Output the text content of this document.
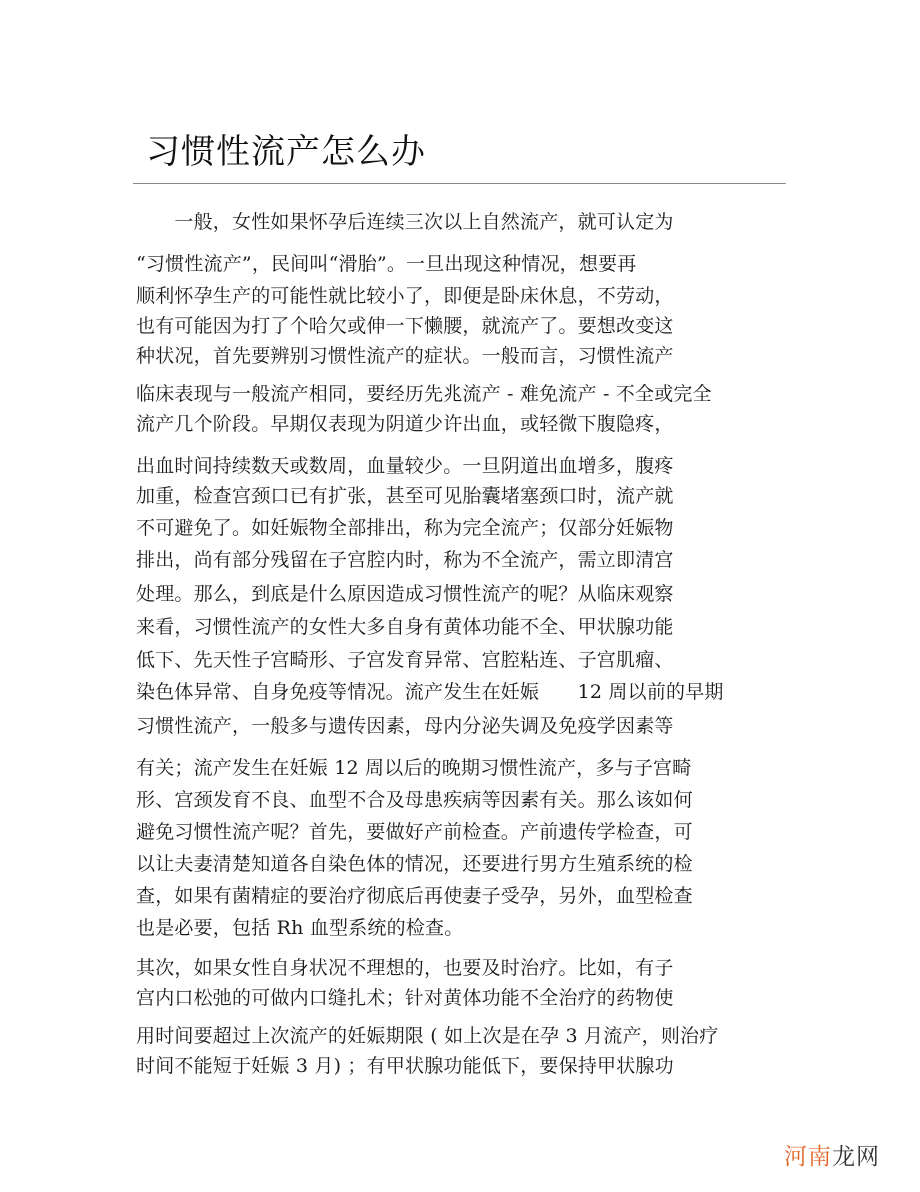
习惯性流产怎么办
　　一般，女性如果怀孕后连续三次以上自然流产，就可认定为
“习惯性流产”，民间叫“滑胎”。一旦出现这种情况，想要再
顺利怀孕生产的可能性就比较小了，即便是卧床休息，不劳动，
也有可能因为打了个哈欠或伸一下懒腰，就流产了。要想改变这
种状况，首先要辨别习惯性流产的症状。一般而言，习惯性流产
临床表现与一般流产相同，要经历先兆流产 - 难免流产 - 不全或完全
流产几个阶段。早期仅表现为阴道少许出血，或轻微下腹隐疼，
出血时间持续数天或数周，血量较少。一旦阴道出血增多，腹疼
加重，检查宫颈口已有扩张，甚至可见胎囊堵塞颈口时，流产就
不可避免了。如妊娠物全部排出，称为完全流产；仅部分妊娠物
排出，尚有部分残留在子宫腔内时，称为不全流产，需立即清宫
处理。那么，到底是什么原因造成习惯性流产的呢？从临床观察
来看，习惯性流产的女性大多自身有黄体功能不全、甲状腺功能
低下、先天性子宫畸形、子宫发育异常、宫腔粘连、子宫肌瘤、
染色体异常、自身免疫等情况。流产发生在妊娠　　12 周以前的早期
习惯性流产，一般多与遗传因素，母内分泌失调及免疫学因素等
有关；流产发生在妊娠 12 周以后的晚期习惯性流产，多与子宫畸
形、宫颈发育不良、血型不合及母患疾病等因素有关。那么该如何
避免习惯性流产呢？首先，要做好产前检查。产前遗传学检查，可
以让夫妻清楚知道各自染色体的情况，还要进行男方生殖系统的检
查，如果有菌精症的要治疗彻底后再使妻子受孕，另外，血型检查
也是必要，包括 Rh 血型系统的检查。
其次，如果女性自身状况不理想的，也要及时治疗。比如，有子
宫内口松弛的可做内口缝扎术；针对黄体功能不全治疗的药物使
用时间要超过上次流产的妊娠期限 ( 如上次是在孕 3 月流产，则治疗
时间不能短于妊娠 3 月) ；有甲状腺功能低下，要保持甲状腺功
河南龙网
